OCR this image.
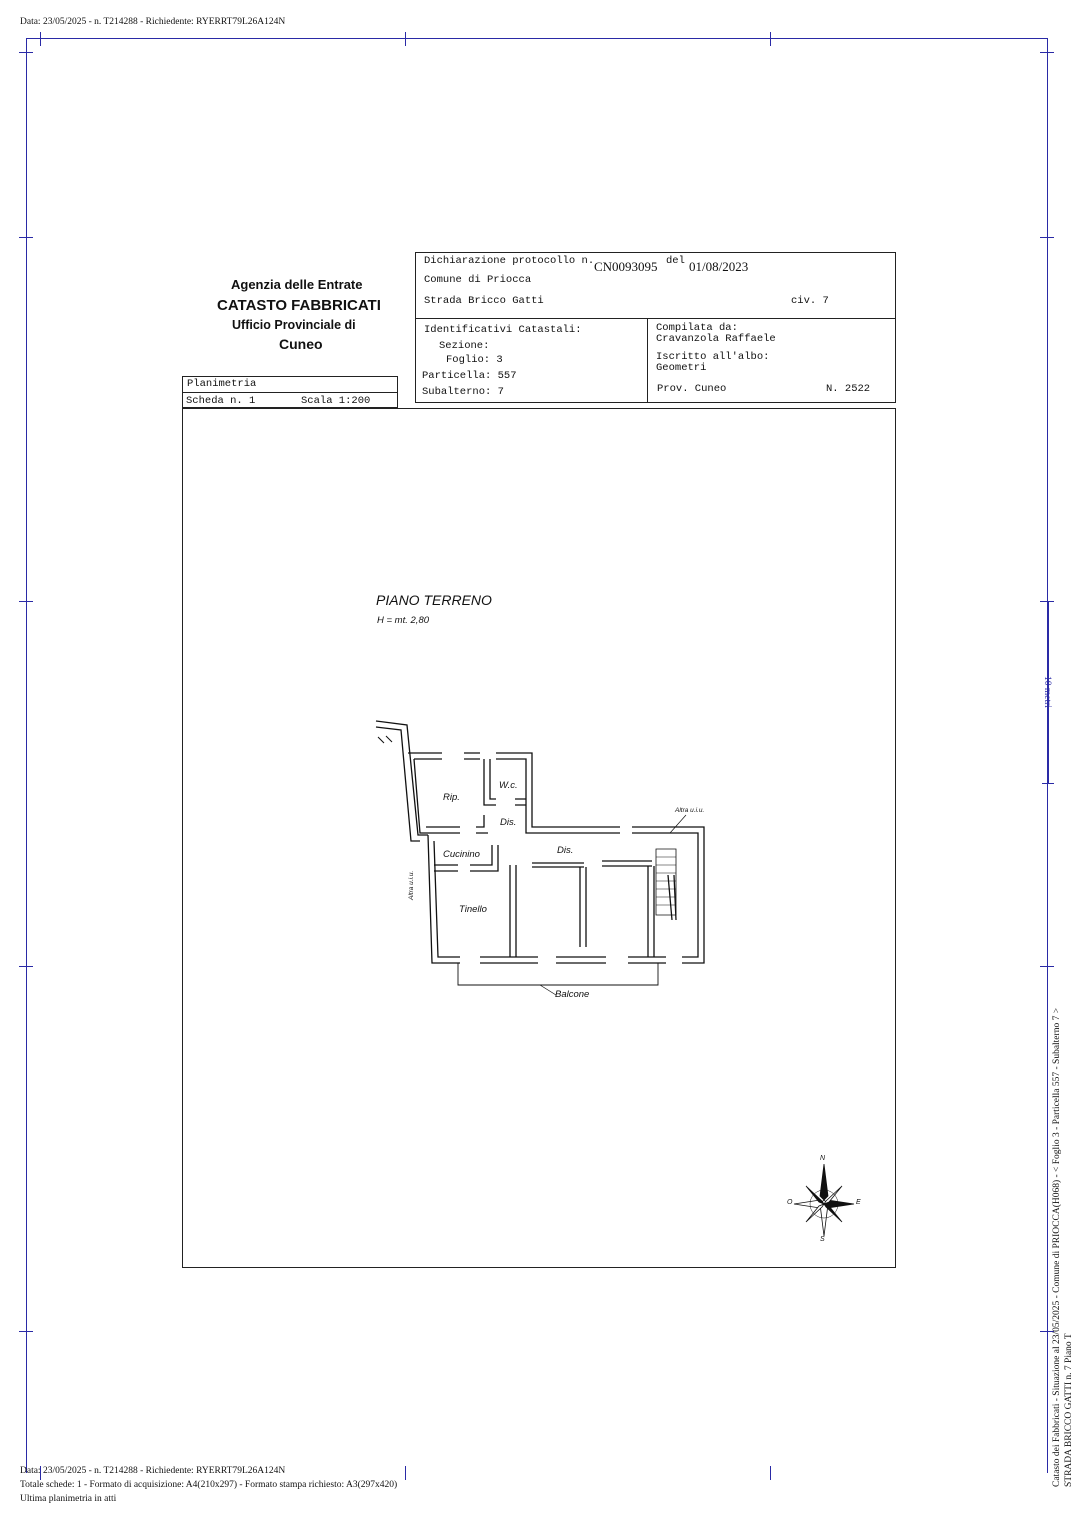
Data: 23/05/2025 - n. T214288 - Richiedente: RYERRT79L26A124N
Agenzia delle Entrate
CATASTO FABBRICATI
Ufficio Provinciale di
Cuneo
Dichiarazione protocollo n. CN0093095 del 01/08/2023
Comune di Priocca
Strada Bricco Gatti	civ. 7
Identificativi Catastali:
Sezione:
Foglio: 3
Particella: 557
Subalterno: 7
Compilata da:
Cravanzola Raffaele
Iscritto all'albo:
Geometri
Prov. Cuneo	N. 2522
Planimetria
Scheda n. 1	Scala 1:200
PIANO TERRENO
H = mt. 2,80
Rip.
W.c.
Dis.
Dis.
Cucinino
Tinello
Balcone
Altra u.i.u.
Altra u.i.u.
N
S
E
O
10 metri
Catasto dei Fabbricati - Situazione al 23/05/2025 - Comune di PRIOCCA(H068) - < Foglio 3 - Particella 557 - Subalterno 7 > STRADA BRICCO GATTI n. 7 Piano T
Data: 23/05/2025 - n. T214288 - Richiedente: RYERRT79L26A124N
Totale schede: 1 - Formato di acquisizione: A4(210x297) - Formato stampa richiesto: A3(297x420)
Ultima planimetria in atti
